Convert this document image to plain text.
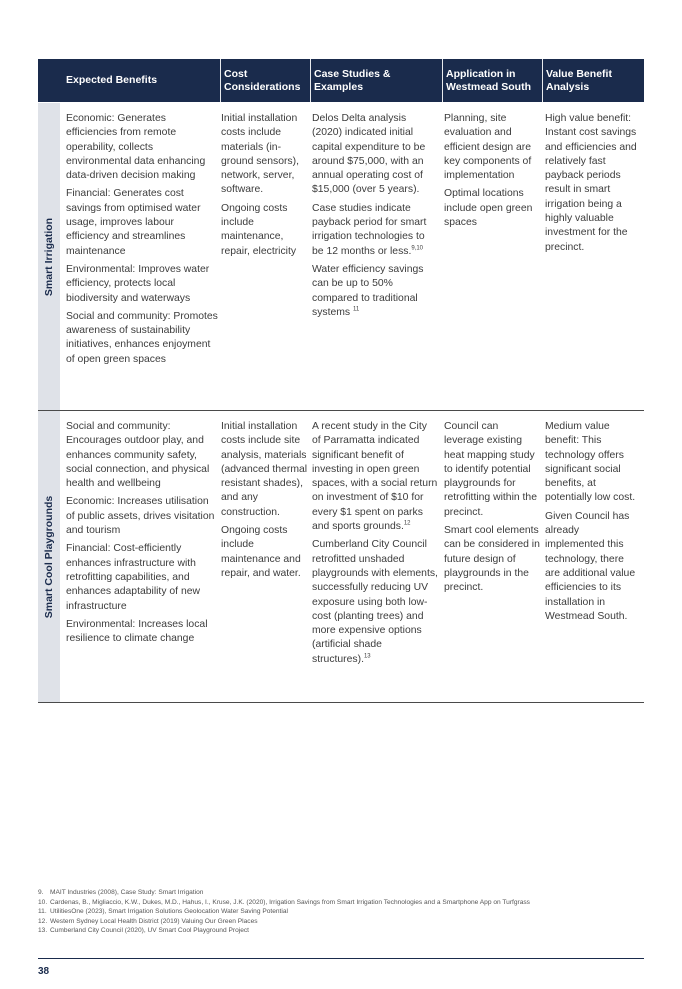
Expected Benefits
Cost Considerations
Case Studies & Examples
Application in Westmead South
Value Benefit Analysis
Smart Irrigation

Economic: Generates efficiencies from remote operability, collects environmental data enhancing data-driven decision making

Financial: Generates cost savings from optimised water usage, improves labour efficiency and streamlines maintenance

Environmental: Improves water efficiency, protects local biodiversity and waterways

Social and community: Promotes awareness of sustainability initiatives, enhances enjoyment of open green spaces

Initial installation costs include materials (in-ground sensors), network, server, software.

Ongoing costs include maintenance, repair, electricity

Delos Delta analysis (2020) indicated initial capital expenditure to be around $75,000, with an annual operating cost of $15,000 (over 5 years).

Case studies indicate payback period for smart irrigation technologies to be 12 months or less.$^{9,10}$

Water efficiency savings can be up to 50% compared to traditional systems $^{11}$

Planning, site evaluation and efficient design are key components of implementation

Optimal locations include open green spaces

High value benefit: Instant cost savings and efficiencies and relatively fast payback periods result in smart irrigation being a highly valuable investment for the precinct.

Smart Cool Playgrounds

Social and community: Encourages outdoor play, and enhances community safety, social connection, and physical health and wellbeing

Economic: Increases utilisation of public assets, drives visitation and tourism

Financial: Cost-efficiently enhances infrastructure with retrofitting capabilities, and enhances adaptability of new infrastructure

Environmental: Increases local resilience to climate change

Initial installation costs include site analysis, materials (advanced thermal resistant shades), and any construction.

Ongoing costs include maintenance and repair, and water.

A recent study in the City of Parramatta indicated significant benefit of investing in open green spaces, with a social return on investment of $10 for every $1 spent on parks and sports grounds.$^{12}$

Cumberland City Council retrofitted unshaded playgrounds with elements, successfully reducing UV exposure using both low-cost (planting trees) and more expensive options (artificial shade structures).$^{13}$

Council can leverage existing heat mapping study to identify potential playgrounds for retrofitting within the precinct.

Smart cool elements can be considered in future design of playgrounds in the precinct.

Medium value benefit: This technology offers significant social benefits, at potentially low cost.

Given Council has already implemented this technology, there are additional value efficiencies to its installation in Westmead South.

9. MAIT Industries (2008), Case Study: Smart Irrigation
10. Cardenas, B., Migliaccio, K.W., Dukes, M.D., Hahus, I., Kruse, J.K. (2020), Irrigation Savings from Smart Irrigation Technologies and a Smartphone App on Turfgrass
11. UtilitiesOne (2023), Smart Irrigation Solutions Geolocation Water Saving Potential
12. Western Sydney Local Health District (2019) Valuing Our Green Places
13. Cumberland City Council (2020), UV Smart Cool Playground Project
38
